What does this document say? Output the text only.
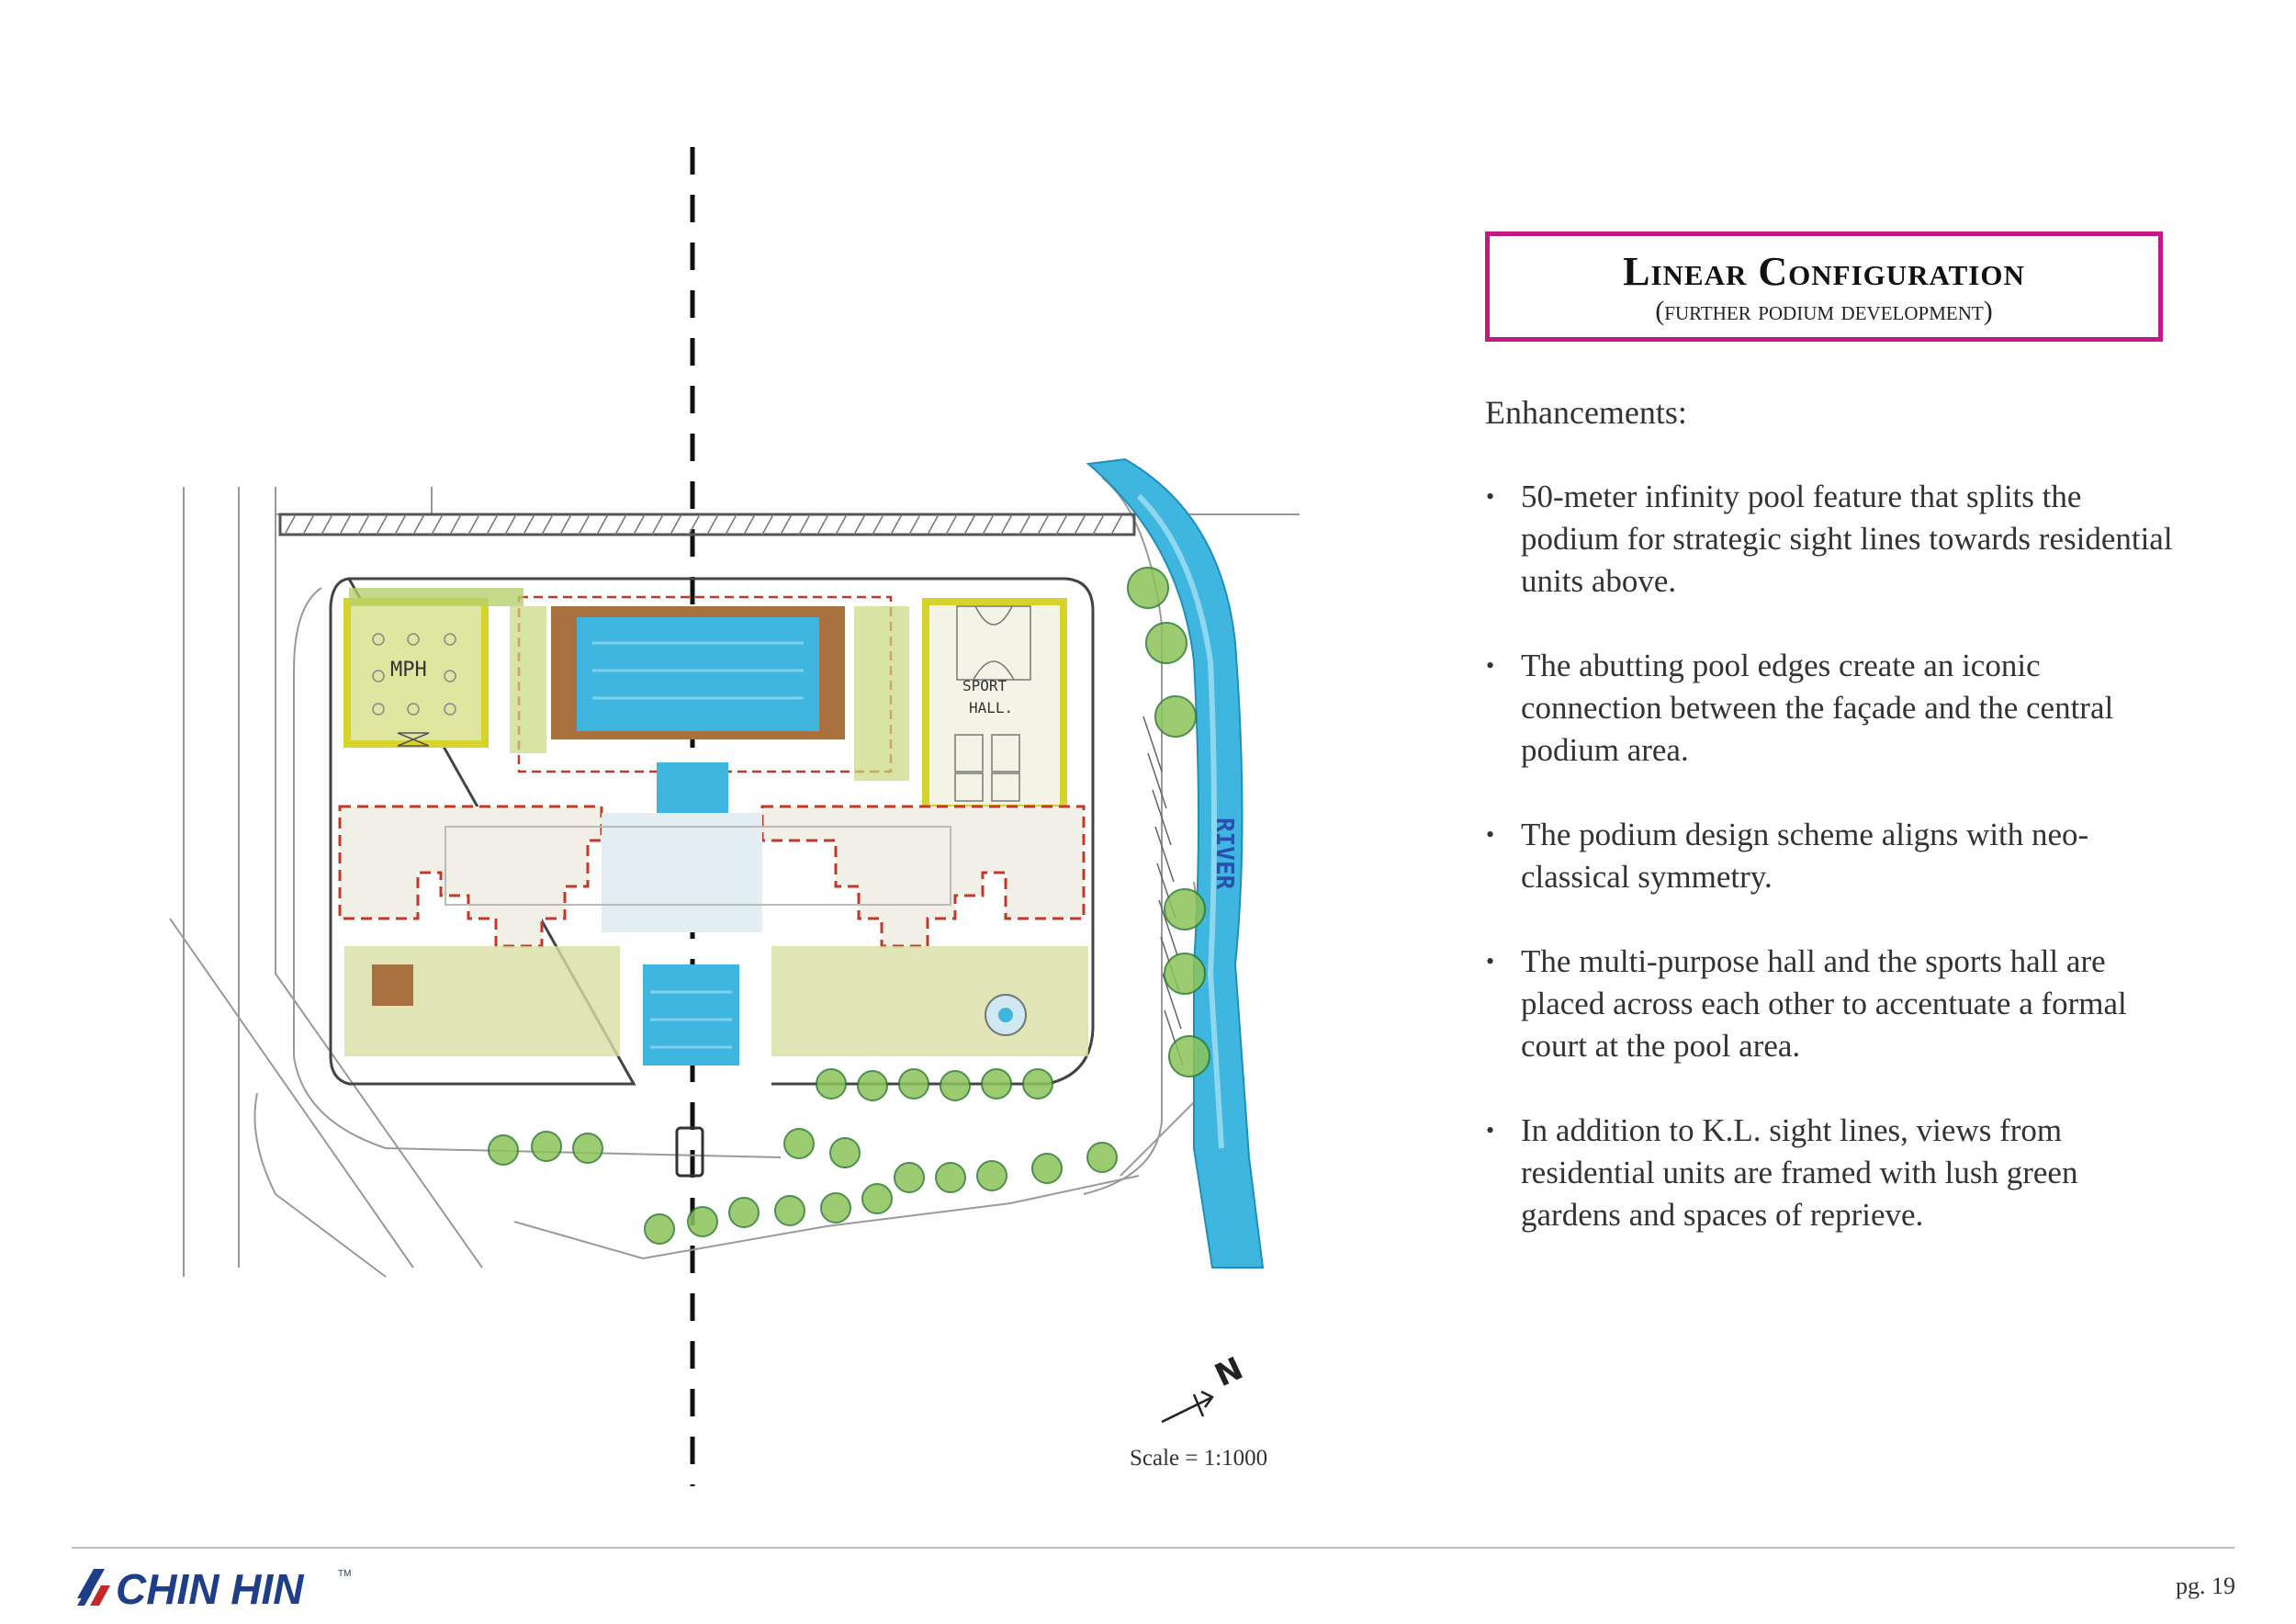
RIVER
MPH
SPORT
HALL.
N
Linear Configuration
(further podium development)
Enhancements:
• 50-meter infinity pool feature that splits the podium for strategic sight lines towards residential units above.
• The abutting pool edges create an iconic connection between the façade and the central podium area.
• The podium design scheme aligns with neo-classical symmetry.
• The multi-purpose hall and the sports hall are placed across each other to accentuate a formal court at the pool area.
• In addition to K.L. sight lines, views from residential units are framed with lush green gardens and spaces of reprieve.
Scale = 1:1000
CHIN HIN	TM	pg. 19
